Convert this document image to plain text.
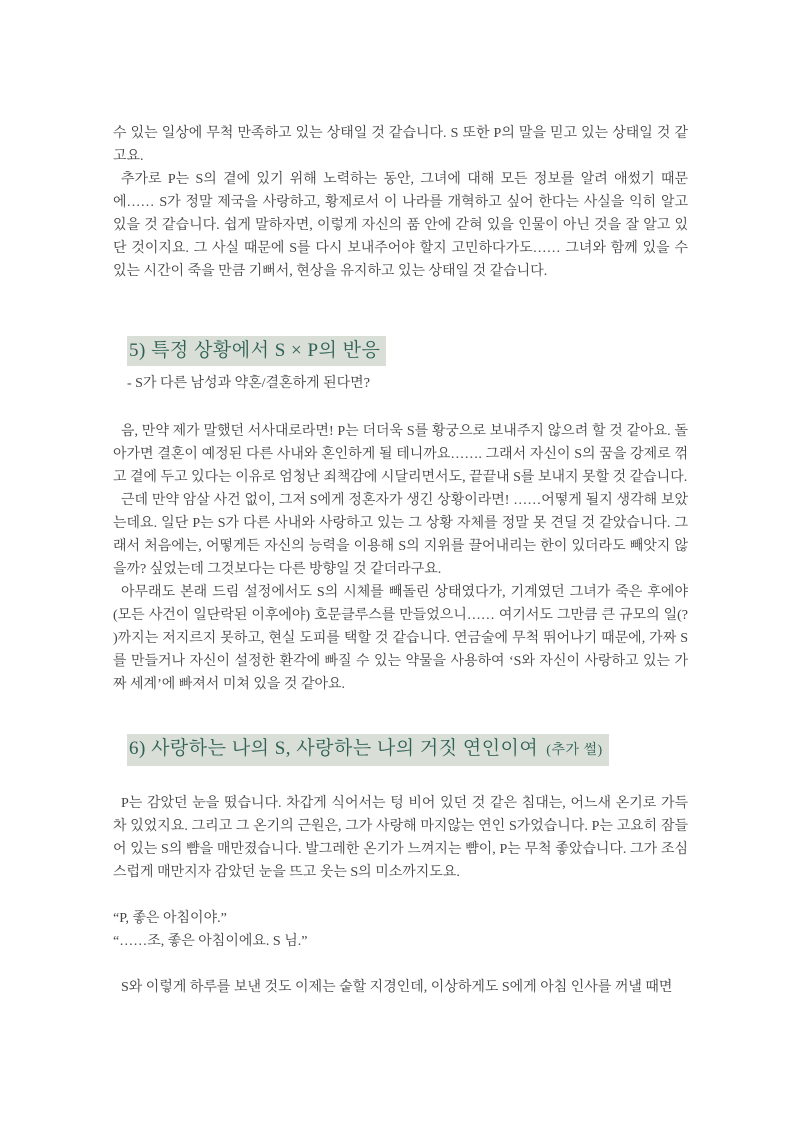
수 있는 일상에 무척 만족하고 있는 상태일 것 같습니다. S 또한 P의 말을 믿고 있는 상태일 것 같고요.

추가로 P는 S의 곁에 있기 위해 노력하는 동안, 그녀에 대해 모든 정보를 알려 애썼기 때문에…… S가 정말 제국을 사랑하고, 황제로서 이 나라를 개혁하고 싶어 한다는 사실을 익히 알고 있을 것 같습니다. 쉽게 말하자면, 이렇게 자신의 품 안에 갇혀 있을 인물이 아닌 것을 잘 알고 있단 것이지요. 그 사실 때문에 S를 다시 보내주어야 할지 고민하다가도…… 그녀와 함께 있을 수 있는 시간이 죽을 만큼 기뻐서, 현상을 유지하고 있는 상태일 것 같습니다.

5) 특정 상황에서 S × P의 반응

- S가 다른 남성과 약혼/결혼하게 된다면?

음, 만약 제가 말했던 서사대로라면! P는 더더욱 S를 황궁으로 보내주지 않으려 할 것 같아요. 돌아가면 결혼이 예정된 다른 사내와 혼인하게 될 테니까요……. 그래서 자신이 S의 꿈을 강제로 꺾고 곁에 두고 있다는 이유로 엄청난 죄책감에 시달리면서도, 끝끝내 S를 보내지 못할 것 같습니다.

근데 만약 암살 사건 없이, 그저 S에게 정혼자가 생긴 상황이라면! ……어떻게 될지 생각해 보았는데요. 일단 P는 S가 다른 사내와 사랑하고 있는 그 상황 자체를 정말 못 견딜 것 같았습니다. 그래서 처음에는, 어떻게든 자신의 능력을 이용해 S의 지위를 끌어내리는 한이 있더라도 빼앗지 않을까? 싶었는데 그것보다는 다른 방향일 것 같더라구요.

아무래도 본래 드림 설정에서도 S의 시체를 빼돌린 상태였다가, 기계였던 그녀가 죽은 후에야 (모든 사건이 일단락된 이후에야) 호문클루스를 만들었으니…… 여기서도 그만큼 큰 규모의 일(? )까지는 저지르지 못하고, 현실 도피를 택할 것 같습니다. 연금술에 무척 뛰어나기 때문에, 가짜 S를 만들거나 자신이 설정한 환각에 빠질 수 있는 약물을 사용하여 ‘S와 자신이 사랑하고 있는 가짜 세계’에 빠져서 미쳐 있을 것 같아요.

6) 사랑하는 나의 S, 사랑하는 나의 거짓 연인이여 (추가 썰)

P는 감았던 눈을 떴습니다. 차갑게 식어서는 텅 비어 있던 것 같은 침대는, 어느새 온기로 가득 차 있었지요. 그리고 그 온기의 근원은, 그가 사랑해 마지않는 연인 S가었습니다. P는 고요히 잠들어 있는 S의 뺨을 매만졌습니다. 발그레한 온기가 느껴지는 뺨이, P는 무척 좋았습니다. 그가 조심스럽게 매만지자 감았던 눈을 뜨고 웃는 S의 미소까지도요.

“P, 좋은 아침이야.”

“……조, 좋은 아침이에요. S 님.”

S와 이렇게 하루를 보낸 것도 이제는 숱할 지경인데, 이상하게도 S에게 아침 인사를 꺼낼 때면
